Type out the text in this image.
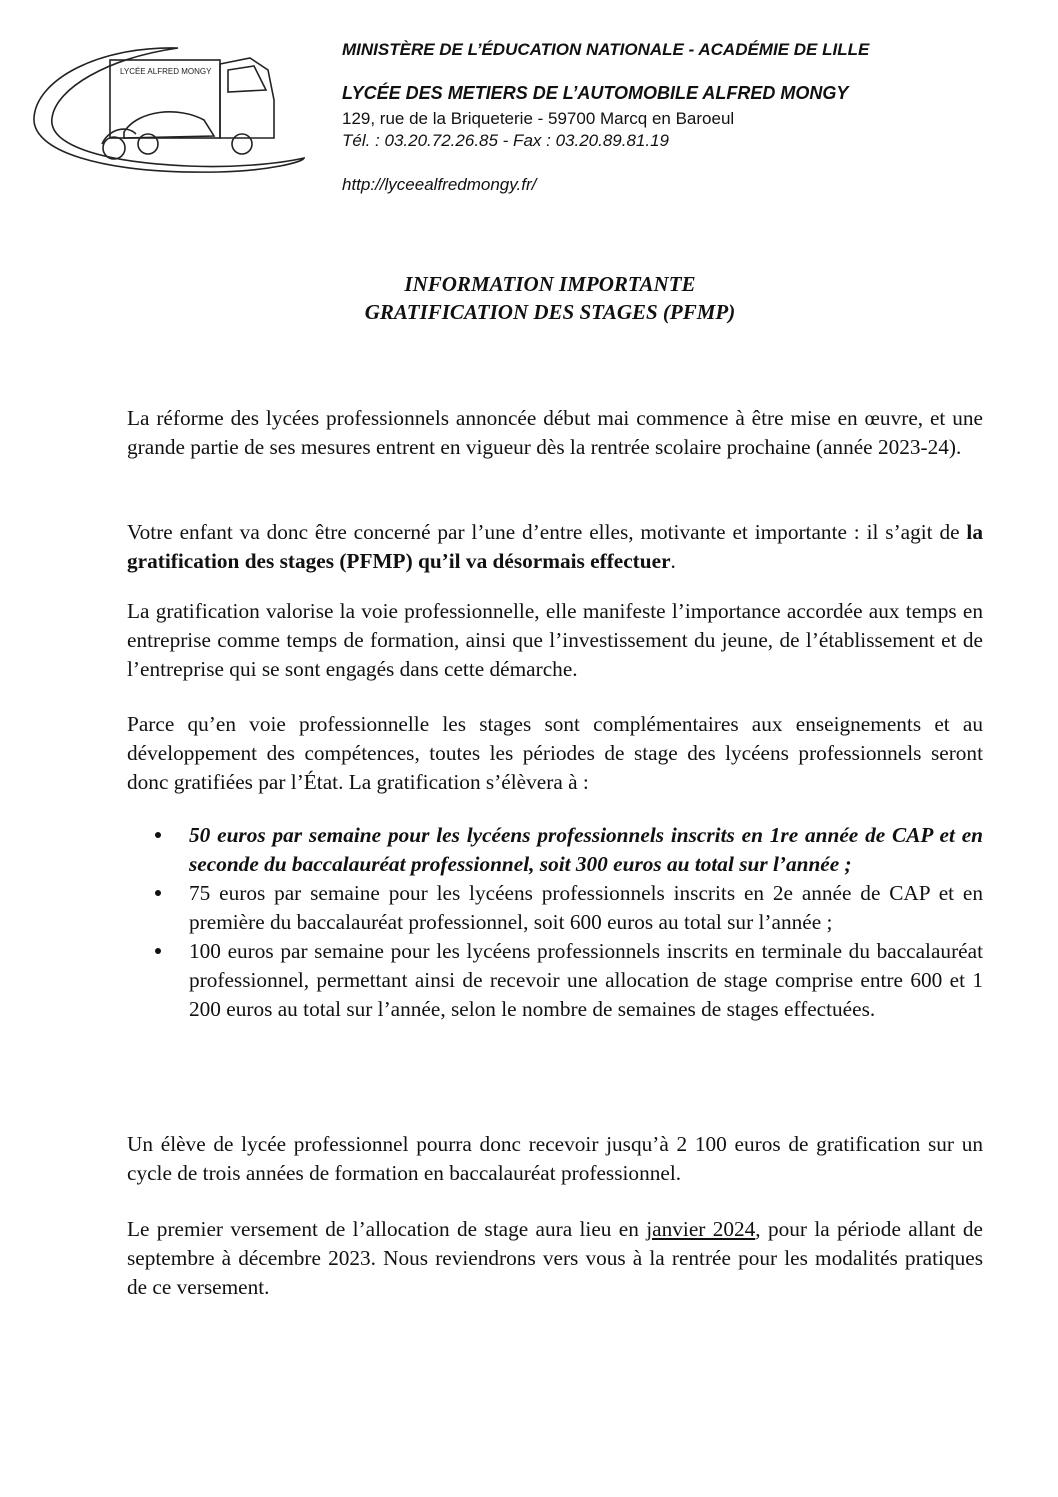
LYCÉE ALFRED MONGY
MINISTÈRE DE L’ÉDUCATION NATIONALE - ACADÉMIE DE LILLE
LYCÉE DES METIERS DE L’AUTOMOBILE ALFRED MONGY
129, rue de la Briqueterie - 59700 Marcq en Baroeul
Tél. : 03.20.72.26.85 - Fax : 03.20.89.81.19
http://lyceealfredmongy.fr/
INFORMATION IMPORTANTE
GRATIFICATION DES STAGES (PFMP)

La réforme des lycées professionnels annoncée début mai commence à être mise en œuvre, et une grande partie de ses mesures entrent en vigueur dès la rentrée scolaire prochaine (année 2023-24).

Votre enfant va donc être concerné par l’une d’entre elles, motivante et importante : il s’agit de la gratification des stages (PFMP) qu’il va désormais effectuer.

La gratification valorise la voie professionnelle, elle manifeste l’importance accordée aux temps en entreprise comme temps de formation, ainsi que l’investissement du jeune, de l’établissement et de l’entreprise qui se sont engagés dans cette démarche.

Parce qu’en voie professionnelle les stages sont complémentaires aux enseignements et au développement des compétences, toutes les périodes de stage des lycéens professionnels seront donc gratifiées par l’État. La gratification s’élèvera à :

50 euros par semaine pour les lycéens professionnels inscrits en 1re année de CAP et en seconde du baccalauréat professionnel, soit 300 euros au total sur l’année ;
75 euros par semaine pour les lycéens professionnels inscrits en 2e année de CAP et en première du baccalauréat professionnel, soit 600 euros au total sur l’année ;
100 euros par semaine pour les lycéens professionnels inscrits en terminale du baccalauréat professionnel, permettant ainsi de recevoir une allocation de stage comprise entre 600 et 1 200 euros au total sur l’année, selon le nombre de semaines de stages effectuées.

Un élève de lycée professionnel pourra donc recevoir jusqu’à 2 100 euros de gratification sur un cycle de trois années de formation en baccalauréat professionnel.

Le premier versement de l’allocation de stage aura lieu en janvier 2024, pour la période allant de septembre à décembre 2023. Nous reviendrons vers vous à la rentrée pour les modalités pratiques de ce versement.
